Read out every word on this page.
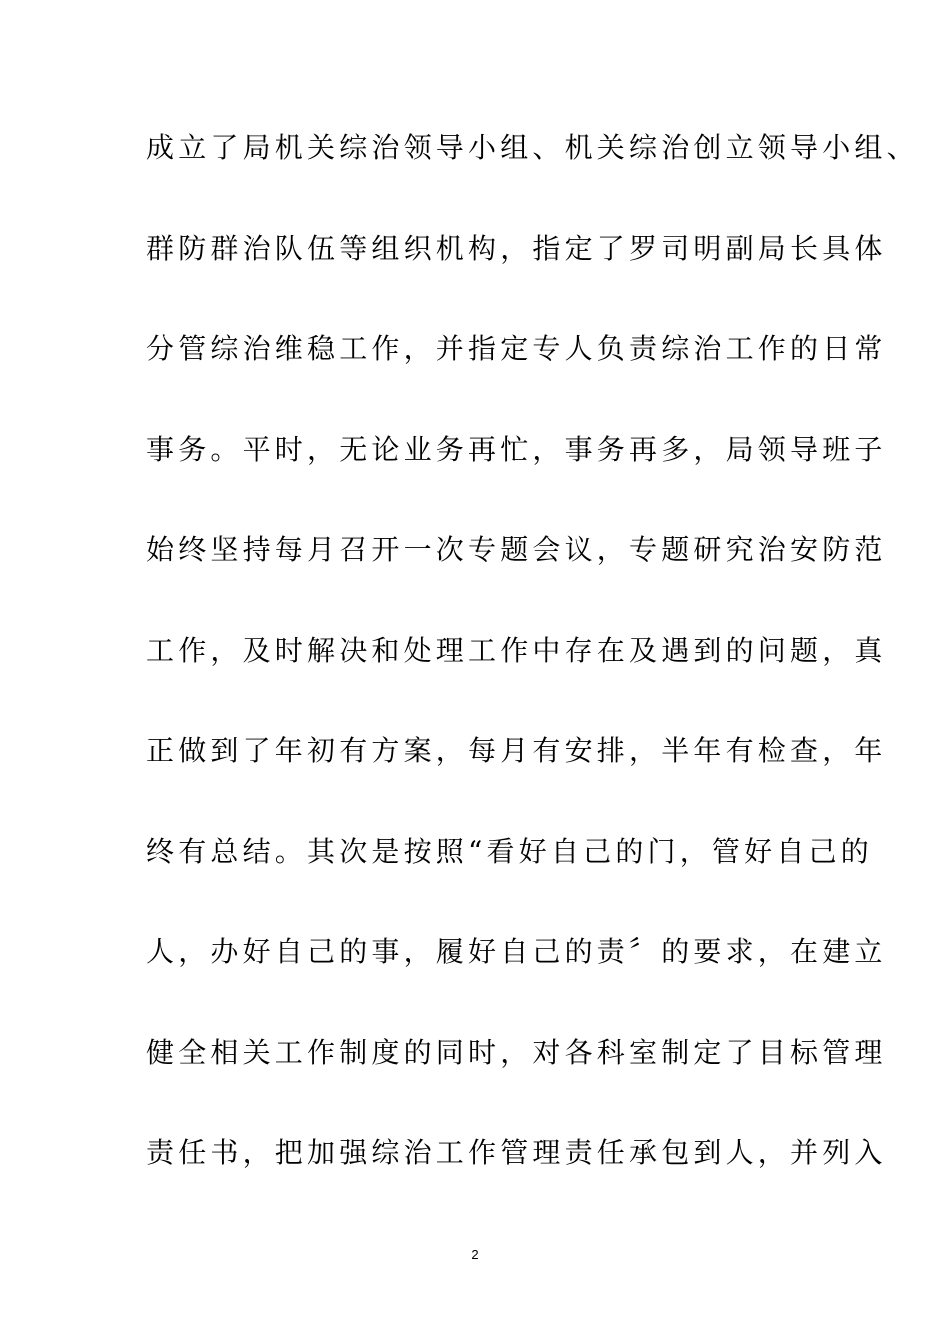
成立了局机关综治领导小组、机关综治创立领导小组、
群防群治队伍等组织机构，指定了罗司明副局长具体
分管综治维稳工作，并指定专人负责综治工作的日常
事务。平时，无论业务再忙，事务再多，局领导班子
始终坚持每月召开一次专题会议，专题研究治安防范
工作，及时解决和处理工作中存在及遇到的问题，真
正做到了年初有方案，每月有安排，半年有检查，年
终有总结。其次是按照“看好自己的门，管好自己的
人，办好自己的事，履好自己的责〞的要求，在建立
健全相关工作制度的同时，对各科室制定了目标管理
责任书，把加强综治工作管理责任承包到人，并列入
2
